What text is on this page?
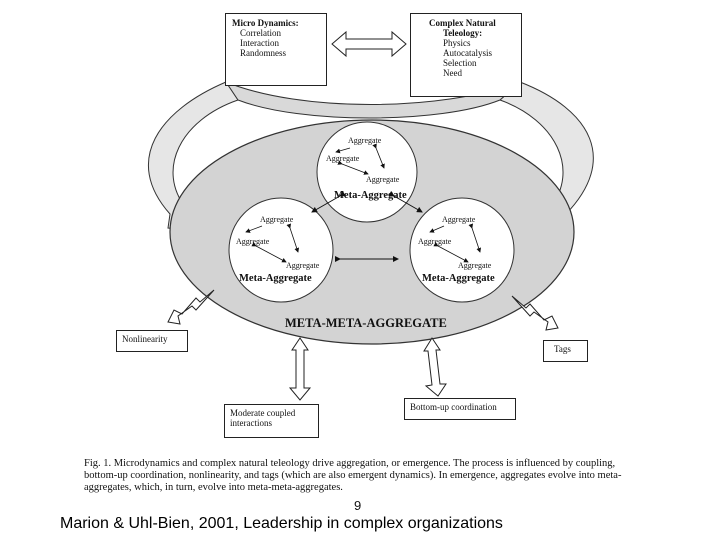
Aggregate
Aggregate
Aggregate
Aggregate
Aggregate
Aggregate
Aggregate
Aggregate
Aggregate
Meta-Aggregate
Meta-Aggregate	Meta-Aggregate
META-META-AGGREGATE
Micro Dynamics:
Correlation
Interaction
Randomness
Complex Natural
Teleology:
Physics
Autocatalysis
Selection
Need
Nonlinearity
Tags
Moderate coupled
interactions
Bottom-up coordination
Fig. 1. Microdynamics and complex natural teleology drive aggregation, or emergence. The process is influenced by coupling, bottom-up coordination, nonlinearity, and tags (which are also emergent dynamics). In emergence, aggregates evolve into meta-aggregates, which, in turn, evolve into meta-meta-aggregates.
9
Marion & Uhl-Bien, 2001, Leadership in complex organizations
